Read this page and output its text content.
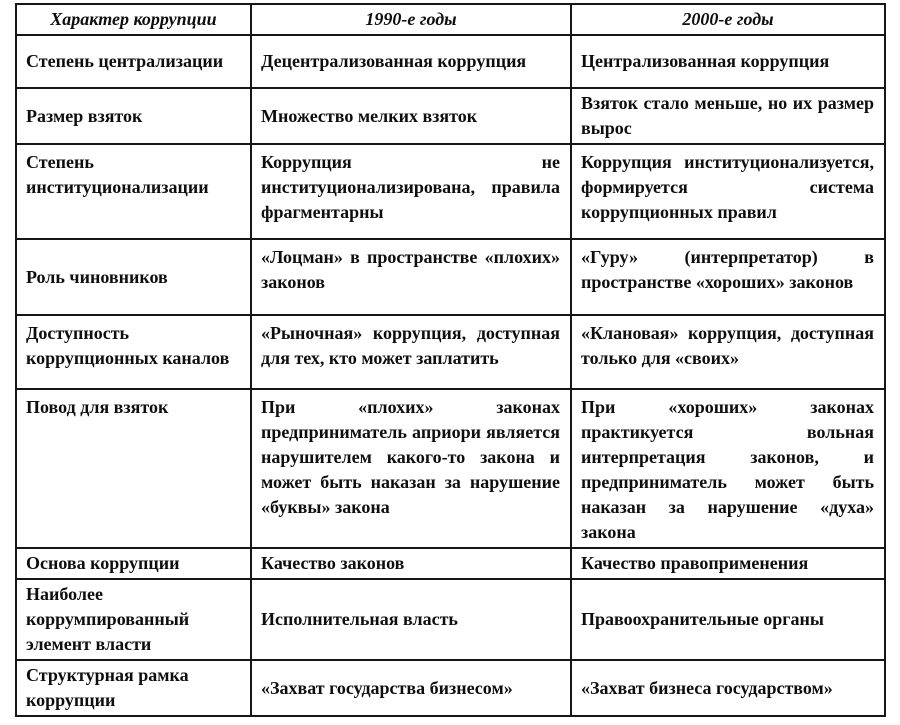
Характер коррупции	1990-е годы	2000-е годы
Степень централизации	Децентрализованная коррупция	Централизованная коррупция
Размер взяток	Множество мелких взяток	Взяток стало меньше, но их размер вырос
Степень институционализации	Коррупция не институционализирована, правила фрагментарны	Коррупция институционализуется, формируется система коррупционных правил
Роль чиновников	«Лоцман» в пространстве «плохих» законов	«Гуру» (интерпретатор) в пространстве «хороших» законов
Доступность коррупционных каналов	«Рыночная» коррупция, доступная для тех, кто может заплатить	«Клановая» коррупция, доступная только для «своих»
Повод для взяток	При «плохих» законах предприниматель априори является нарушителем какого-то закона и может быть наказан за нарушение «буквы» закона	При «хороших» законах практикуется вольная интерпретация законов, и предприниматель может быть наказан за нарушение «духа» закона
Основа коррупции	Качество законов	Качество правоприменения
Наиболее коррумпированный элемент власти	Исполнительная власть	Правоохранительные органы
Структурная рамка коррупции	«Захват государства бизнесом»	«Захват бизнеса государством»
